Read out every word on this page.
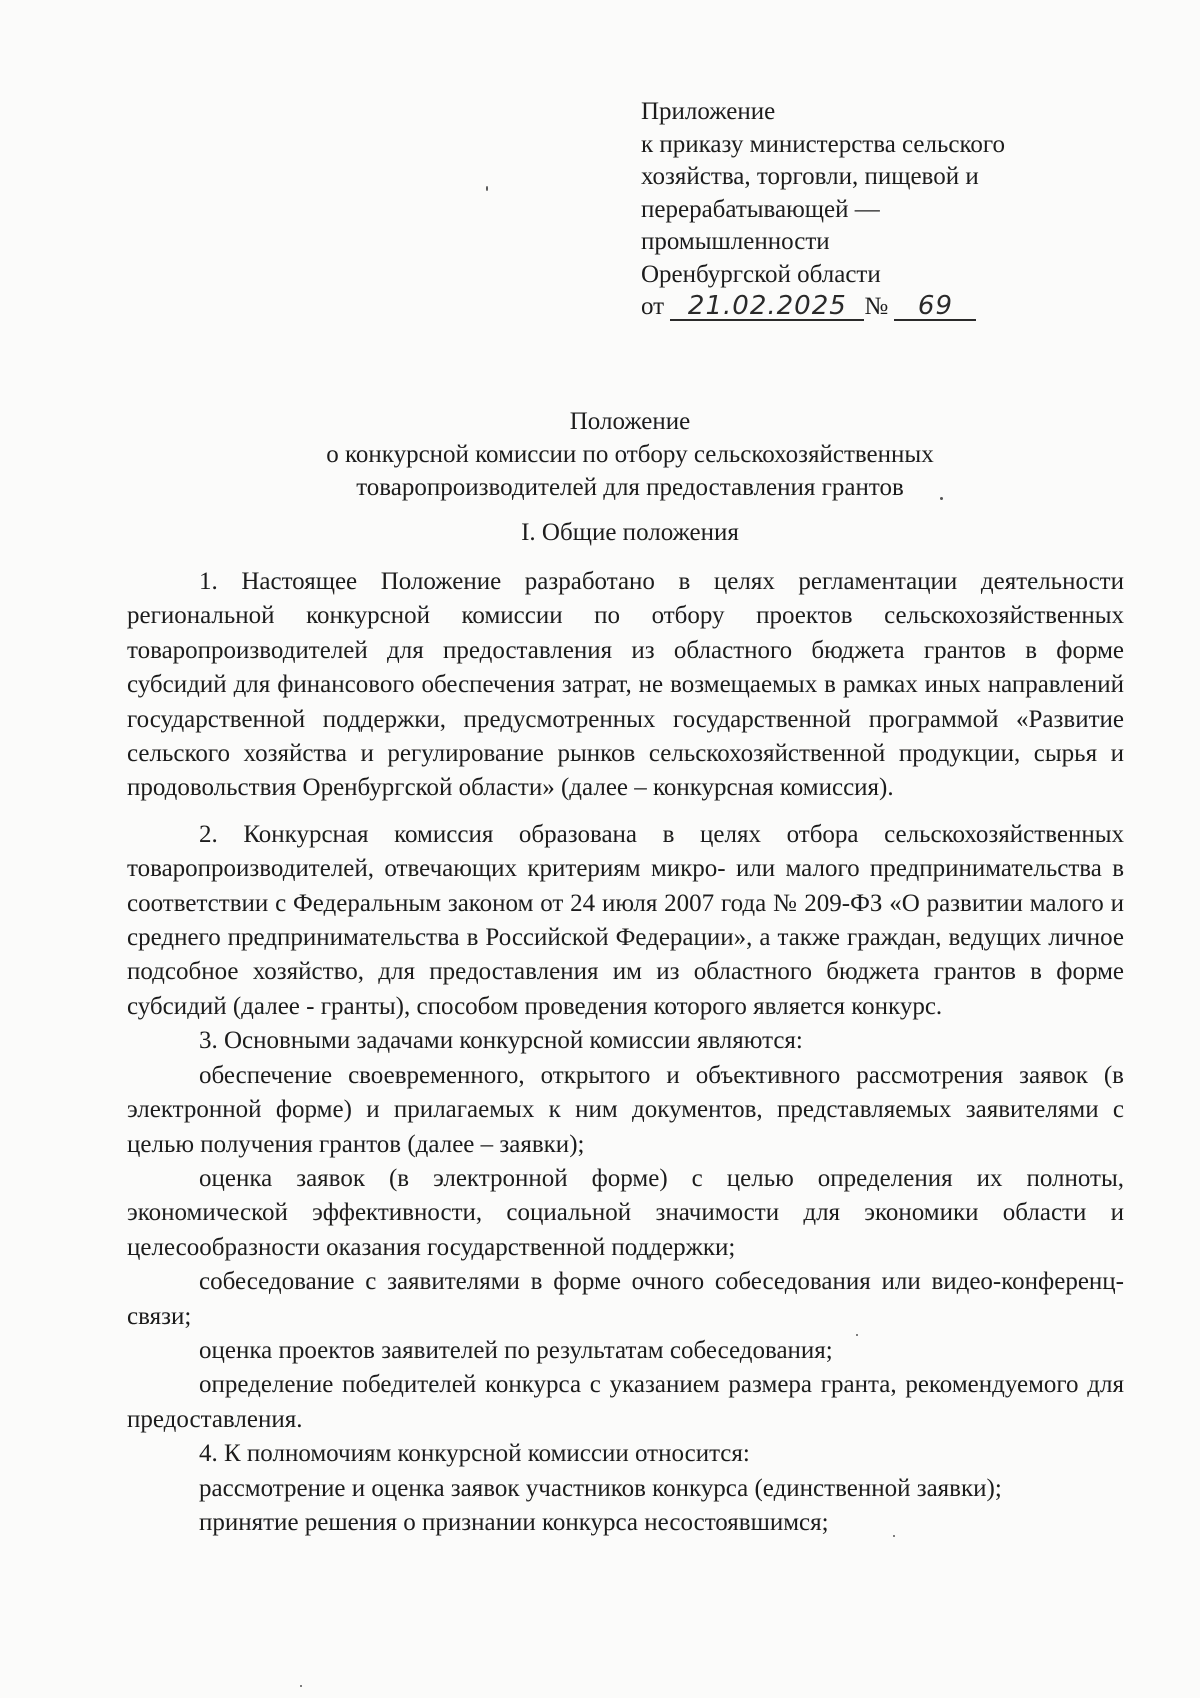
Приложение
к приказу министерства сельского
хозяйства, торговли, пищевой и
перерабатывающей —
промышленности
Оренбургской области
от 21.02.2025 № 69
Положение
о конкурсной комиссии по отбору сельскохозяйственных
товаропроизводителей для предоставления грантов
I. Общие положения

1. Настоящее Положение разработано в целях регламентации деятельности региональной конкурсной комиссии по отбору проектов сельскохозяйственных товаропроизводителей для предоставления из областного бюджета грантов в форме субсидий для финансового обеспечения затрат, не возмещаемых в рамках иных направлений государственной поддержки, предусмотренных государственной программой «Развитие сельского хозяйства и регулирование рынков сельскохозяйственной продукции, сырья и продовольствия Оренбургской области» (далее – конкурсная комиссия).

2. Конкурсная комиссия образована в целях отбора сельскохозяйственных товаропроизводителей, отвечающих критериям микро- или малого предпринимательства в соответствии с Федеральным законом от 24 июля 2007 года № 209-ФЗ «О развитии малого и среднего предпринимательства в Российской Федерации», а также граждан, ведущих личное подсобное хозяйство, для предоставления им из областного бюджета грантов в форме субсидий (далее - гранты), способом проведения которого является конкурс.

3. Основными задачами конкурсной комиссии являются:

обеспечение своевременного, открытого и объективного рассмотрения заявок (в электронной форме) и прилагаемых к ним документов, представляемых заявителями с целью получения грантов (далее – заявки);

оценка заявок (в электронной форме) с целью определения их полноты, экономической эффективности, социальной значимости для экономики области и целесообразности оказания государственной поддержки;

собеседование с заявителями в форме очного собеседования или видео-конференц-связи;

оценка проектов заявителей по результатам собеседования;

определение победителей конкурса с указанием размера гранта, рекомендуемого для предоставления.

4. К полномочиям конкурсной комиссии относится:

рассмотрение и оценка заявок участников конкурса (единственной заявки);

принятие решения о признании конкурса несостоявшимся;
